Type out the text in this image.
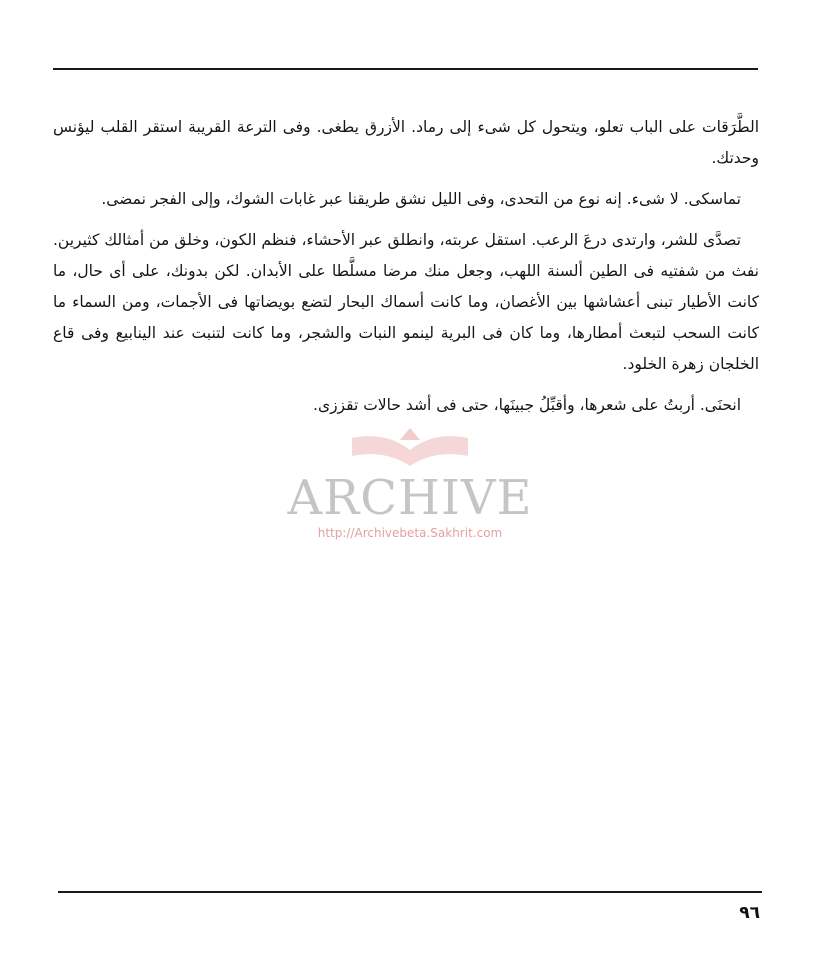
الطَّرَقات على الباب تعلو، ويتحول كل شىء إلى رماد. الأزرق يطغى. وفى الترعة القريبة استقر القلب ليؤنس وحدتك.

تماسكى. لا شىء. إنه نوع من التحدى، وفى الليل نشق طريقنا عبر غابات الشوك، وإلى الفجر نمضى.

تصدَّى للشر، وارتدى درعَ الرعب. استقل عربته، وانطلق عبر الأحشاء، فنظم الكون، وخلق من أمثالك كثيرين. نفث من شفتيه فى الطين ألسنة اللهب، وجعل منك مرضا مسلَّطا على الأبدان. لكن بدونك، على أى حال، ما كانت الأطيار تبنى أعشاشها بين الأغصان، وما كانت أسماك البحار لتضع بويضاتها فى الأجمات، ومن السماء ما كانت السحب لتبعث أمطارها، وما كان فى البرية لينمو النبات والشجر، وما كانت لتنبت عند الينابيع وفى قاع الخلجان زهرة الخلود.

انحنَى. أربتُ على شعرها، وأقبِّلُ جبينَها، حتى فى أشد حالات تقززى.

ARCHIVE
http://Archivebeta.Sakhrit.com
٩٦
